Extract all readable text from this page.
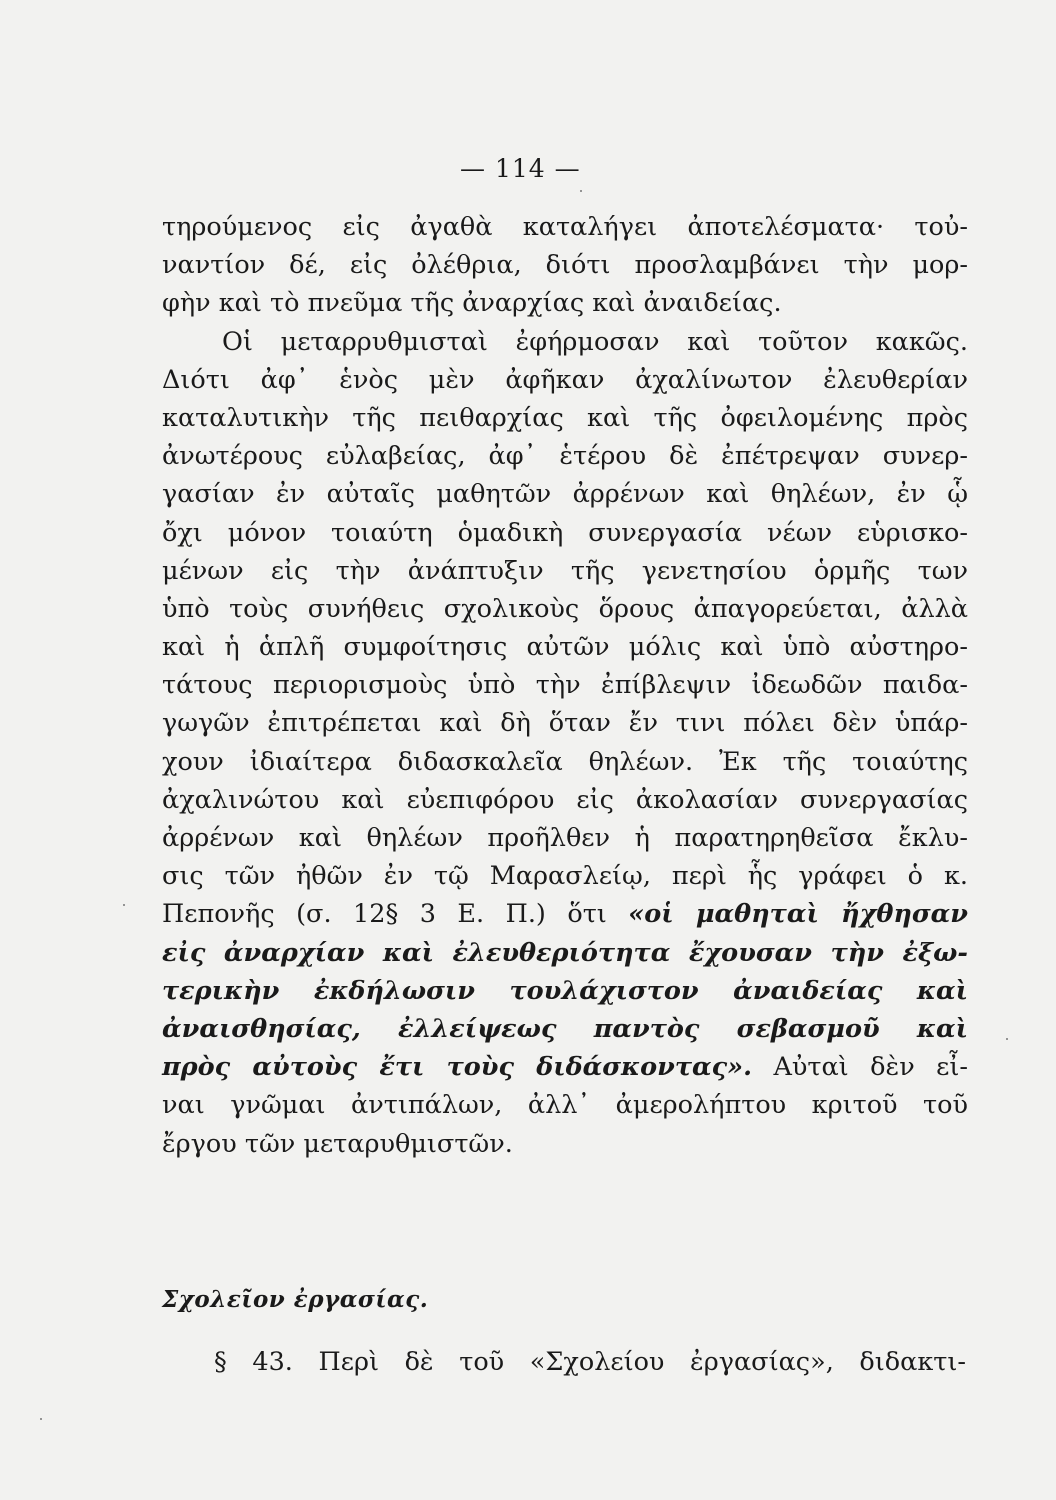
— 114 —
τηρούμενος εἰς ἀγαθὰ καταλήγει ἀποτελέσματα· τοὐ-
ναντίον δέ, εἰς ὀλέθρια, διότι προσλαμβάνει τὴν μορ-
φὴν καὶ τὸ πνεῦμα τῆς ἀναρχίας καὶ ἀναιδείας.
Οἱ μεταρρυθμισταὶ ἐφήρμοσαν καὶ τοῦτον κακῶς.
Διότι ἀφ᾽ ἑνὸς μὲν ἀφῆκαν ἀχαλίνωτον ἐλευθερίαν
καταλυτικὴν τῆς πειθαρχίας καὶ τῆς ὀφειλομένης πρὸς
ἀνωτέρους εὐλαβείας, ἀφ᾽ ἑτέρου δὲ ἐπέτρεψαν συνερ-
γασίαν ἐν αὐταῖς μαθητῶν ἀρρένων καὶ θηλέων, ἐν ᾧ
ὄχι μόνον τοιαύτη ὁμαδικὴ συνεργασία νέων εὑρισκο-
μένων εἰς τὴν ἀνάπτυξιν τῆς γενετησίου ὁρμῆς των
ὑπὸ τοὺς συνήθεις σχολικοὺς ὅρους ἀπαγορεύεται, ἀλλὰ
καὶ ἡ ἁπλῆ συμφοίτησις αὐτῶν μόλις καὶ ὑπὸ αὐστηρο-
τάτους περιορισμοὺς ὑπὸ τὴν ἐπίβλεψιν ἰδεωδῶν παιδα-
γωγῶν ἐπιτρέπεται καὶ δὴ ὅταν ἔν τινι πόλει δὲν ὑπάρ-
χουν ἰδιαίτερα διδασκαλεῖα θηλέων. Ἐκ τῆς τοιαύτης
ἀχαλινώτου καὶ εὐεπιφόρου εἰς ἀκολασίαν συνεργασίας
ἀρρένων καὶ θηλέων προῆλθεν ἡ παρατηρηθεῖσα ἔκλυ-
σις τῶν ἠθῶν ἐν τῷ Μαρασλείῳ, περὶ ἧς γράφει ὁ κ.
Πεπονῆς (σ. 12§ 3 Ε. Π.) ὅτι «οἱ μαθηταὶ ἤχθησαν
εἰς ἀναρχίαν καὶ ἐλευθεριότητα ἔχουσαν τὴν ἐξω-
τερικὴν ἐκδήλωσιν τουλάχιστον ἀναιδείας καὶ
ἀναισθησίας, ἐλλείψεως παντὸς σεβασμοῦ καὶ
πρὸς αὐτοὺς ἔτι τοὺς διδάσκοντας». Αὐταὶ δὲν εἶ-
ναι γνῶμαι ἀντιπάλων, ἀλλ᾽ ἀμερολήπτου κριτοῦ τοῦ
ἔργου τῶν μεταρυθμιστῶν.
Σχολεῖον ἐργασίας.
§ 43. Περὶ δὲ τοῦ «Σχολείου ἐργασίας», διδακτι-
